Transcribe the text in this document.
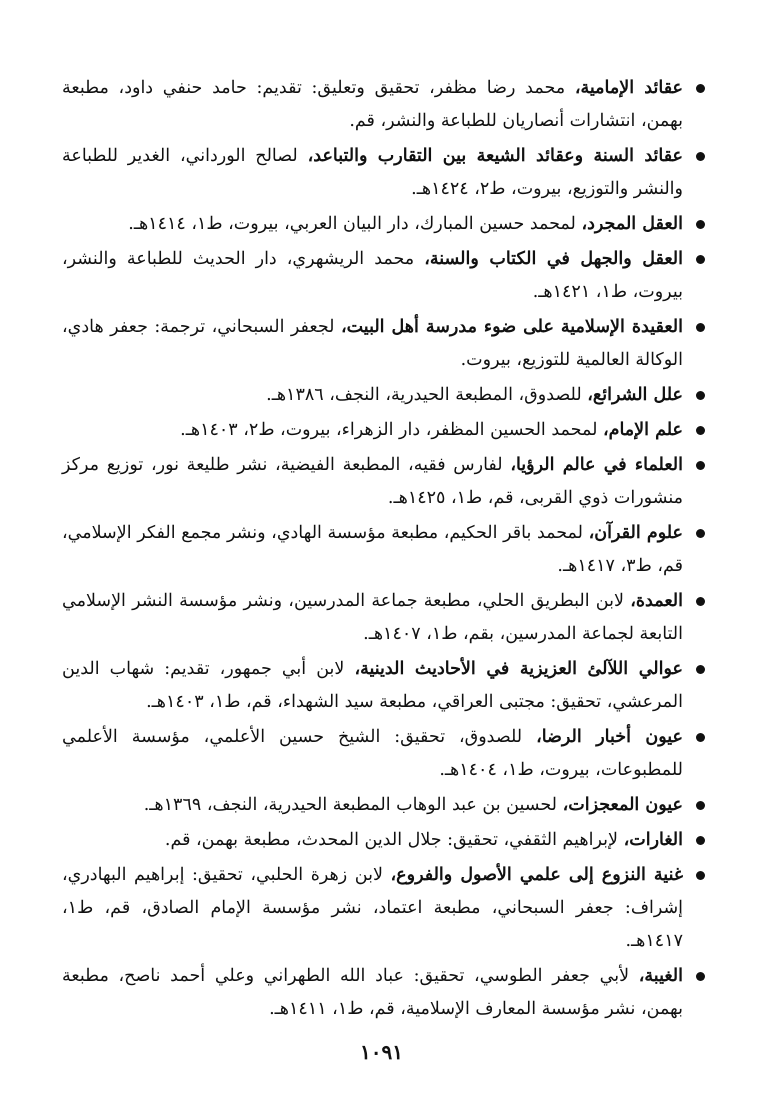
عقائد الإمامية، محمد رضا مظفر، تحقيق وتعليق: تقديم: حامد حنفي داود، مطبعة بهمن، انتشارات أنصاريان للطباعة والنشر، قم.
عقائد السنة وعقائد الشيعة بين التقارب والتباعد، لصالح الورداني، الغدير للطباعة والنشر والتوزيع، بيروت، ط٢، ١٤٢٤هـ.
العقل المجرد، لمحمد حسين المبارك، دار البيان العربي، بيروت، ط١، ١٤١٤هـ.
العقل والجهل في الكتاب والسنة، محمد الريشهري، دار الحديث للطباعة والنشر، بيروت، ط١، ١٤٢١هـ.
العقيدة الإسلامية على ضوء مدرسة أهل البيت، لجعفر السبحاني، ترجمة: جعفر هادي، الوكالة العالمية للتوزيع، بيروت.
علل الشرائع، للصدوق، المطبعة الحيدرية، النجف، ١٣٨٦هـ.
علم الإمام، لمحمد الحسين المظفر، دار الزهراء، بيروت، ط٢، ١٤٠٣هـ.
العلماء في عالم الرؤيا، لفارس فقيه، المطبعة الفيضية، نشر طليعة نور، توزيع مركز منشورات ذوي القربى، قم، ط١، ١٤٢٥هـ.
علوم القرآن، لمحمد باقر الحكيم، مطبعة مؤسسة الهادي، ونشر مجمع الفكر الإسلامي، قم، ط٣، ١٤١٧هـ.
العمدة، لابن البطريق الحلي، مطبعة جماعة المدرسين، ونشر مؤسسة النشر الإسلامي التابعة لجماعة المدرسين، بقم، ط١، ١٤٠٧هـ.
عوالي اللآلئ العزيزية في الأحاديث الدينية، لابن أبي جمهور، تقديم: شهاب الدين المرعشي، تحقيق: مجتبى العراقي، مطبعة سيد الشهداء، قم، ط١، ١٤٠٣هـ.
عيون أخبار الرضا، للصدوق، تحقيق: الشيخ حسين الأعلمي، مؤسسة الأعلمي للمطبوعات، بيروت، ط١، ١٤٠٤هـ.
عيون المعجزات، لحسين بن عبد الوهاب المطبعة الحيدرية، النجف، ١٣٦٩هـ.
الغارات، لإبراهيم الثقفي، تحقيق: جلال الدين المحدث، مطبعة بهمن، قم.
غنية النزوع إلى علمي الأصول والفروع، لابن زهرة الحلبي، تحقيق: إبراهيم البهادري، إشراف: جعفر السبحاني، مطبعة اعتماد، نشر مؤسسة الإمام الصادق، قم، ط١، ١٤١٧هـ.
الغيبة، لأبي جعفر الطوسي، تحقيق: عباد الله الطهراني وعلي أحمد ناصح، مطبعة بهمن، نشر مؤسسة المعارف الإسلامية، قم، ط١، ١٤١١هـ.
١٠٩١
